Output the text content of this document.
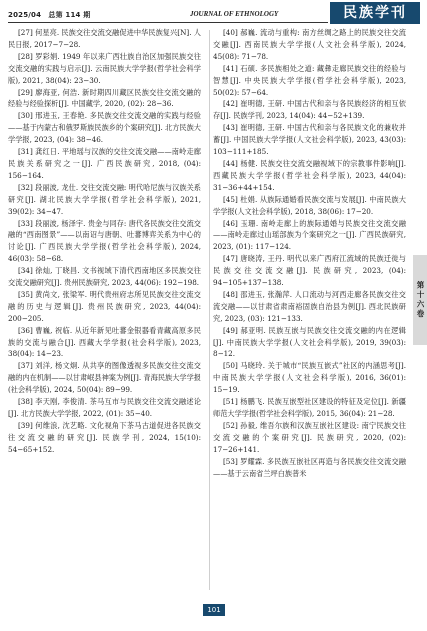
2025/04　总第 114 期	JOURNAL OF ETHNOLOGY	民族学刊

[27] 何星亮. 民族交往交流交融促进中华民族复兴[N]. 人民日报, 2017−7−28.

[28] 罗彩娟. 1949 年以来广西壮族自治区加强民族交往交流交融的实践与启示[J]. 云南民族大学学报(哲学社会科学版), 2021, 38(04): 23−30.

[29] 廖海亚, 何浩. 新时期四川藏区民族交往交流交融的经验与经验探析[J]. 中国藏学, 2020, (02): 28−36.

[30] 邢进玉, 王春艳. 多民族交往交流交融的实践与经验——基于内蒙古和俄罗斯族民族乡的个案研究[J]. 北方民族大学学报, 2023, (04): 38−46.

[31] 龚红日. 平地瑶与汉族的交往交流交融——南岭走廊民族关系研究之一[J]. 广西民族研究, 2018, (04): 156−164.

[32] 段丽波, 龙仕. 交往交流交融: 明代哈尼族与汉族关系研究[J]. 湖北民族大学学报(哲学社会科学版), 2021, 39(02): 34−47.

[33] 段丽波, 杨泽宇. 贵金与同存: 唐代各民族交往交流交融的“西南图景”——以南诏与唐朝、吐蕃博弈关系为中心的讨论[J]. 广西民族大学学报(哲学社会科学版), 2024, 46(03): 58−68.

[34] 徐灿, 丁晓昌. 文书视域下清代西南地区多民族交往交流交融研究[J]. 贵州民族研究, 2023, 44(06): 192−198.

[35] 黄尚文, 张梁军. 明代贵州府志所见民族交往交流交融的历史与逻辑[J]. 贵州民族研究, 2023, 44(04): 200−205.

[36] 曹巍, 祝临. 从近年新见吐蕃金银器看青藏高原多民族的交流与融合[J]. 西藏大学学报(社会科学版), 2023, 38(04): 14−23.

[37] 刘洋, 杨文炯. 从共享的图像透视多民族交往交流交融的内在机制——以甘肃岷县神案为例[J]. 青海民族大学学报(社会科学版), 2024, 50(04): 89−99.

[38] 李天刚, 李俊清. 茶马互市与民族交往交流交融述论[J]. 北方民族大学学报, 2022, (01): 35−40.

[39] 何维浪, 沈艺略. 文化视角下茶马古道促进各民族交往交流交融的研究[J]. 民族学刊, 2024, 15(10): 54−65+152.

[40] 郝巍. 流动与重构: 南方丝绸之路上的民族交往交流交融[J]. 西南民族大学学报(人文社会科学版), 2024, 45(08): 71−78.

[41] 石硕. 多民族相处之道: 藏彝走廊民族交往的经验与智慧[J]. 中央民族大学学报(哲学社会科学版), 2023, 50(02): 57−64.

[42] 崔明德, 王研. 中国古代和亲与各民族经济的相互依存[J]. 民族学刊, 2023, 14(04): 44−52+139.

[43] 崔明德, 王研. 中国古代和亲与各民族文化的兼收并蓄[J]. 中国民族大学学报(人文社会科学版), 2023, 43(03): 103−111+185.

[44] 杨健. 民族交往交流交融视域下的宗教事件影响[J]. 西藏民族大学学报(哲学社会科学版), 2023, 44(04): 31−36+44+154.

[45] 杜娟. 从族际通婚看民族交流与发展[J]. 中南民族大学学报(人文社会科学版), 2018, 38(06): 17−20.

[46] 玉珊. 南岭走廊上的族际通婚与民族交往交流交融——南岭走廊过山瑶部族为个案研究之一[J]. 广西民族研究, 2023, (01): 117−124.

[47] 唐晓涛, 王丹. 明代以来广西府江流域的民族迁徙与民族交往交流交融[J]. 民族研究, 2023, (04): 94−105+137−138.

[48] 邵进玉, 张瀚萍. 人口流动与河西走廊各民族交往交流交融——以甘肃省肃南裕固族自治县为例[J]. 西北民族研究, 2023, (03): 121−133.

[49] 郝亚明. 民族互嵌与民族交往交流交融的内在逻辑[J]. 中南民族大学学报(人文社会科学版), 2019, 39(03): 8−12.

[50] 马晓玲. 关于城市“民族互嵌式”社区的内涵思考[J]. 中南民族大学学报(人文社会科学版), 2016, 36(01): 15−19.

[51] 杨鹏飞. 民族互嵌型社区建设的特征及定位[J]. 新疆师范大学学报(哲学社会科学版), 2015, 36(04): 21−28.

[52] 孙毅, 维吾尔族和汉族互嵌社区建设: 南宁民族交往交流交融的个案研究[J]. 民族研究, 2020, (02): 17−26+141.

[53] 罗耀霖. 多民族互嵌社区再造与各民族交往交流交融——基于云南省兰坪白族普米

第十六卷
101
